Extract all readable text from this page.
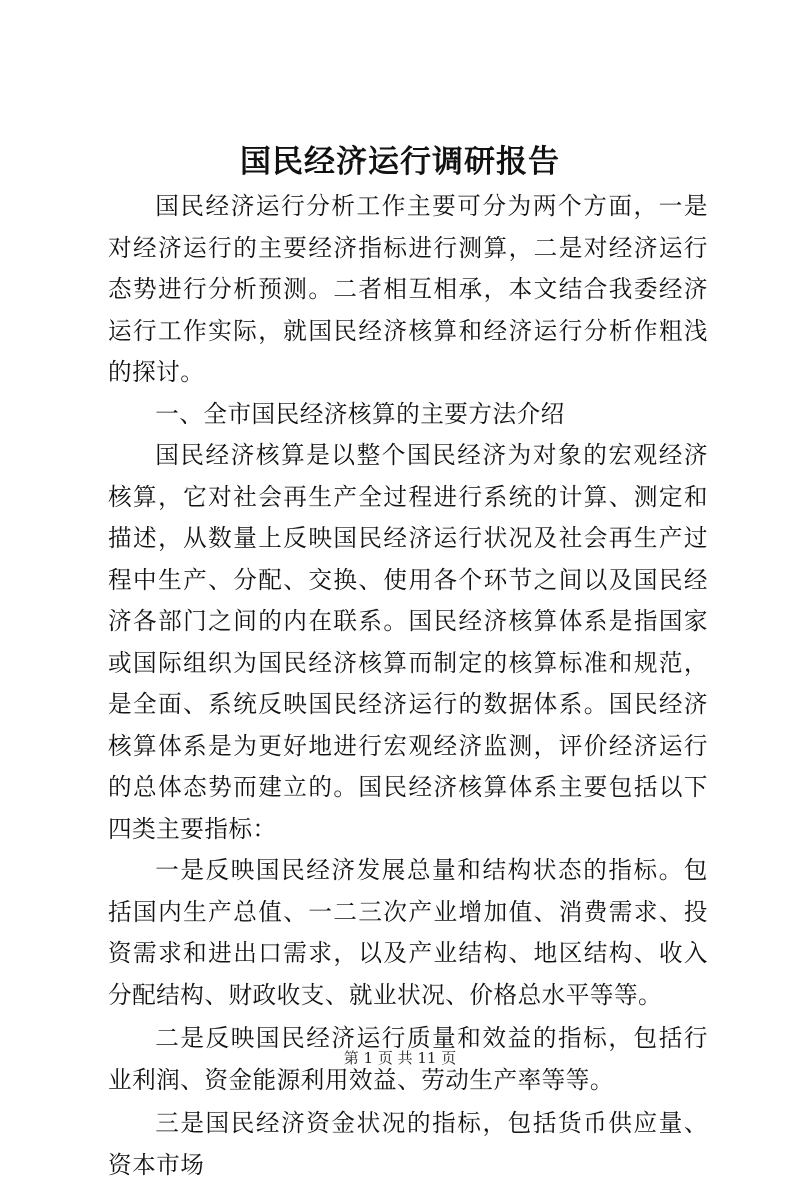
国民经济运行调研报告

国民经济运行分析工作主要可分为两个方面，一是对经济运行的主要经济指标进行测算，二是对经济运行态势进行分析预测。二者相互相承，本文结合我委经济运行工作实际，就国民经济核算和经济运行分析作粗浅的探讨。

一、全市国民经济核算的主要方法介绍

国民经济核算是以整个国民经济为对象的宏观经济核算，它对社会再生产全过程进行系统的计算、测定和描述，从数量上反映国民经济运行状况及社会再生产过程中生产、分配、交换、使用各个环节之间以及国民经济各部门之间的内在联系。国民经济核算体系是指国家或国际组织为国民经济核算而制定的核算标准和规范，是全面、系统反映国民经济运行的数据体系。国民经济核算体系是为更好地进行宏观经济监测，评价经济运行的总体态势而建立的。国民经济核算体系主要包括以下四类主要指标：

一是反映国民经济发展总量和结构状态的指标。包括国内生产总值、一二三次产业增加值、消费需求、投资需求和进出口需求，以及产业结构、地区结构、收入分配结构、财政收支、就业状况、价格总水平等等。

二是反映国民经济运行质量和效益的指标，包括行业利润、资金能源利用效益、劳动生产率等等。

三是国民经济资金状况的指标，包括货币供应量、资本市场

第 1 页 共 11 页
